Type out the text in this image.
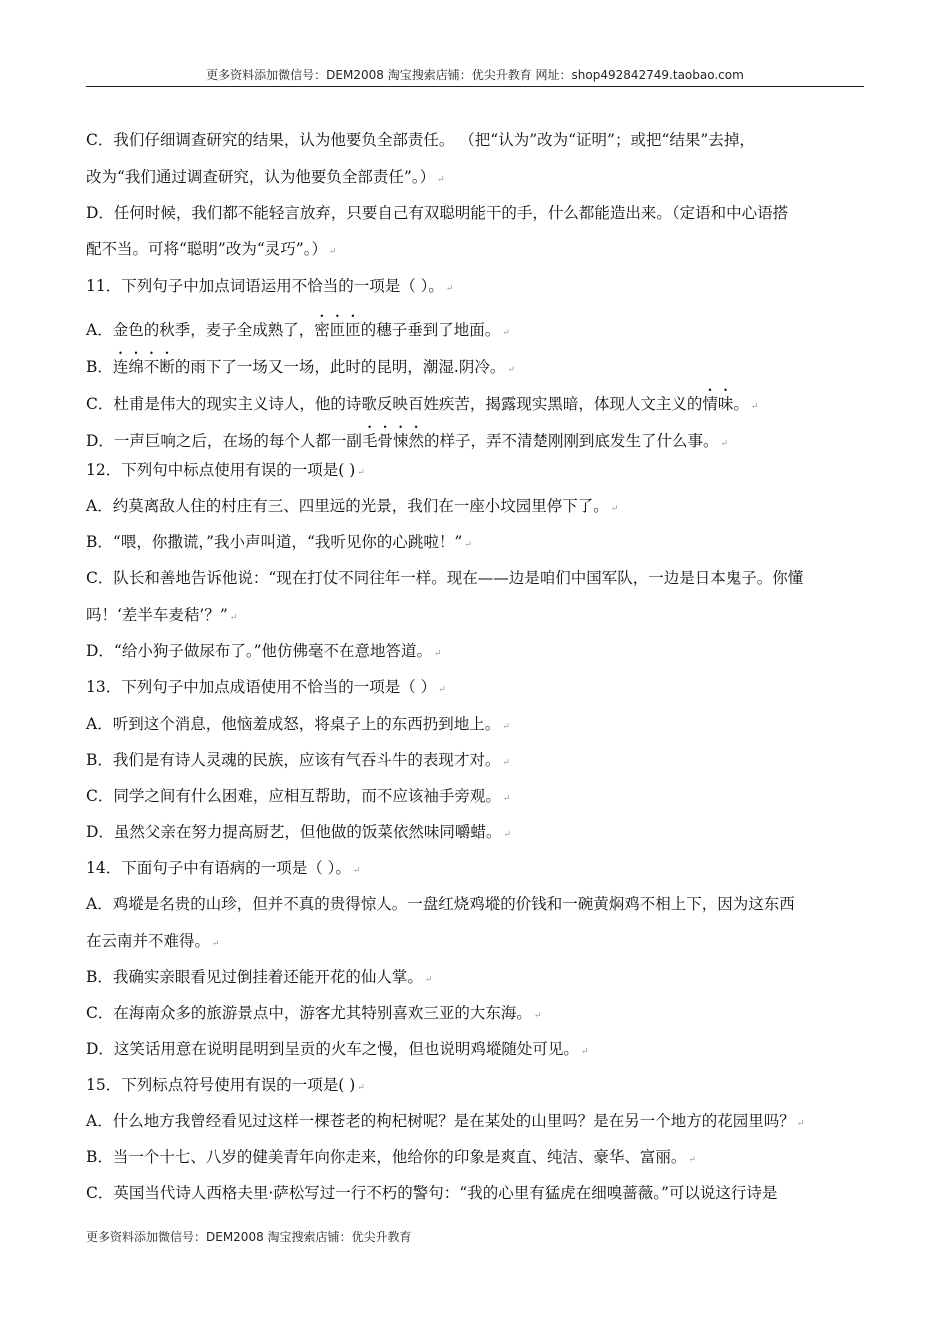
更多资料添加微信号：DEM2008 淘宝搜索店铺：优尖升教育 网址：shop492842749.taobao.com
C．我们仔细调查研究的结果，认为他要负全部责任。 （把“认为”改为“证明”；或把“结果”去掉，
改为“我们通过调查研究，认为他要负全部责任”。） ↵
D．任何时候，我们都不能轻言放弃，只要自己有双聪明能干的手，什么都能造出来。（定语和中心语搭
配不当。可将“聪明”改为“灵巧”。） ↵
11．下列句子中加点词语运用不恰当的一项是（ ）。 ↵
A．金色的秋季，麦子全成熟了，密匝匝的穗子垂到了地面。 ↵
B．连绵不断的雨下了一场又一场，此时的昆明，潮湿.阴冷。 ↵
C．杜甫是伟大的现实主义诗人，他的诗歌反映百姓疾苦，揭露现实黑暗，体现人文主义的情味。 ↵
D．一声巨响之后，在场的每个人都一副毛骨悚然的样子，弄不清楚刚刚到底发生了什么事。 ↵
12．下列句中标点使用有误的一项是( ) ↵
A．约莫离敌人住的村庄有三、四里远的光景，我们在一座小坟园里停下了。 ↵
B．“喂，你撒谎，”我小声叫道，“我听见你的心跳啦！” ↵
C．队长和善地告诉他说：“现在打仗不同往年一样。现在——边是咱们中国军队，一边是日本鬼子。你懂
吗！‘差半车麦秸’？” ↵
D．“给小狗子做尿布了。”他仿佛毫不在意地答道。 ↵
13．下列句子中加点成语使用不恰当的一项是（ ） ↵
A．听到这个消息，他恼羞成怒，将桌子上的东西扔到地上。 ↵
B．我们是有诗人灵魂的民族，应该有气吞斗牛的表现才对。 ↵
C．同学之间有什么困难，应相互帮助，而不应该袖手旁观。 ↵
D．虽然父亲在努力提高厨艺，但他做的饭菜依然味同嚼蜡。 ↵
14．下面句子中有语病的一项是（ ）。 ↵
A．鸡㙡是名贵的山珍，但并不真的贵得惊人。一盘红烧鸡㙡的价钱和一碗黄焖鸡不相上下，因为这东西
在云南并不难得。 ↵
B．我确实亲眼看见过倒挂着还能开花的仙人掌。 ↵
C．在海南众多的旅游景点中，游客尤其特别喜欢三亚的大东海。 ↵
D．这笑话用意在说明昆明到呈贡的火车之慢，但也说明鸡㙡随处可见。 ↵
15．下列标点符号使用有误的一项是( ) ↵
A．什么地方我曾经看见过这样一棵苍老的枸杞树呢？是在某处的山里吗？是在另一个地方的花园里吗？ ↵
B．当一个十七、八岁的健美青年向你走来，他给你的印象是爽直、纯洁、豪华、富丽。 ↵
C．英国当代诗人西格夫里·萨松写过一行不朽的警句：“我的心里有猛虎在细嗅蔷薇。”可以说这行诗是
更多资料添加微信号：DEM2008 淘宝搜索店铺：优尖升教育
